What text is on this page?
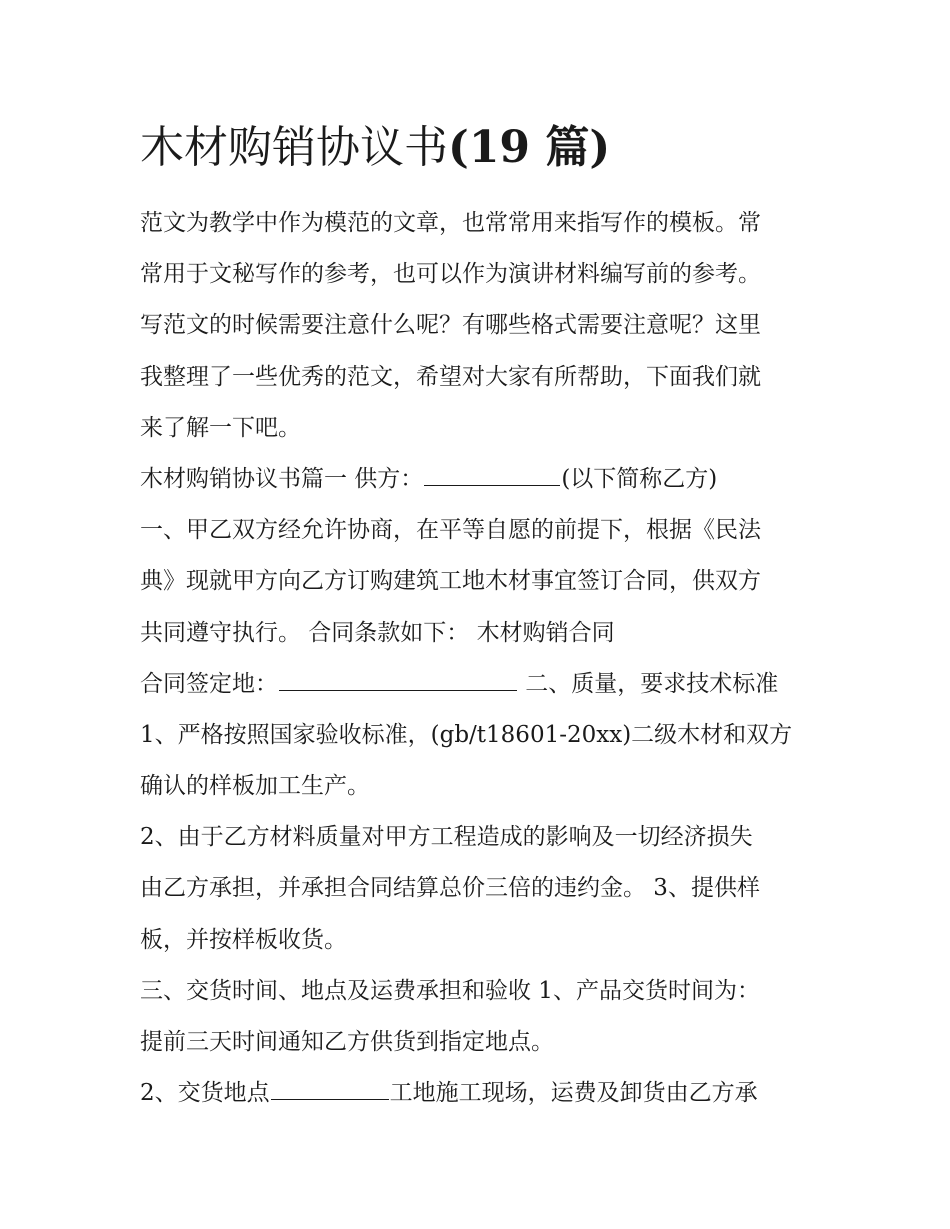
木材购销协议书(19 篇)
范文为教学中作为模范的文章，也常常用来指写作的模板。常
常用于文秘写作的参考，也可以作为演讲材料编写前的参考。
写范文的时候需要注意什么呢？有哪些格式需要注意呢？这里
我整理了一些优秀的范文，希望对大家有所帮助，下面我们就
来了解一下吧。
木材购销协议书篇一 供方：	(以下简称乙方)
一、甲乙双方经允许协商，在平等自愿的前提下，根据《民法
典》现就甲方向乙方订购建筑工地木材事宜签订合同，供双方
共同遵守执行。 合同条款如下： 木材购销合同
合同签定地：	二、质量，要求技术标准
1、严格按照国家验收标准，(gb/t18601-20xx)二级木材和双方
确认的样板加工生产。
2、由于乙方材料质量对甲方工程造成的影响及一切经济损失
由乙方承担，并承担合同结算总价三倍的违约金。 3、提供样
板，并按样板收货。
三、交货时间、地点及运费承担和验收 1、产品交货时间为：
提前三天时间通知乙方供货到指定地点。
2、交货地点	工地施工现场，运费及卸货由乙方承
